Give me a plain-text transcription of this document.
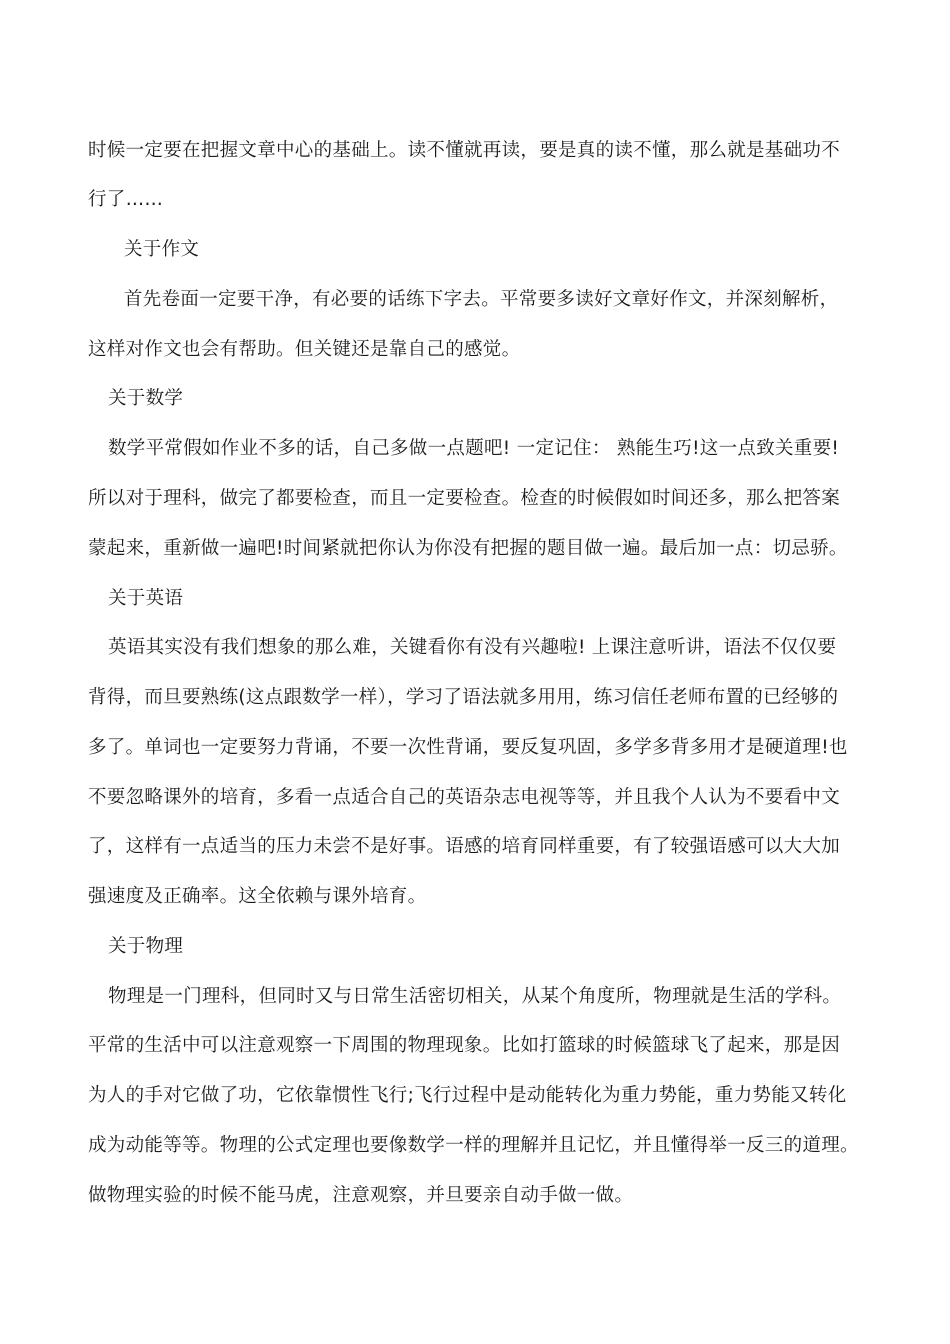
时候一定要在把握文章中心的基础上。读不懂就再读，要是真的读不懂，那么就是基础功不
行了……
关于作文
首先卷面一定要干净，有必要的话练下字去。平常要多读好文章好作文，并深刻解析，
这样对作文也会有帮助。但关键还是靠自己的感觉。
关于数学
数学平常假如作业不多的话，自己多做一点题吧! 一定记住： 熟能生巧!这一点致关重要!
所以对于理科，做完了都要检查，而且一定要检查。检查的时候假如时间还多，那么把答案
蒙起来，重新做一遍吧!时间紧就把你认为你没有把握的题目做一遍。最后加一点：切忌骄。
关于英语
英语其实没有我们想象的那么难，关键看你有没有兴趣啦! 上课注意听讲，语法不仅仅要
背得，而旦要熟练(这点跟数学一样），学习了语法就多用用，练习信任老师布置的已经够的
多了。单词也一定要努力背诵，不要一次性背诵，要反复巩固，多学多背多用才是硬道理!也
不要忽略课外的培育，多看一点适合自己的英语杂志电视等等，并且我个人认为不要看中文
了，这样有一点适当的压力未尝不是好事。语感的培育同样重要，有了较强语感可以大大加
强速度及正确率。这全依赖与课外培育。
关于物理
物理是一门理科，但同时又与日常生活密切相关，从某个角度所，物理就是生活的学科。
平常的生活中可以注意观察一下周围的物理现象。比如打篮球的时候篮球飞了起来，那是因
为人的手对它做了功，它依靠惯性飞行;飞行过程中是动能转化为重力势能，重力势能又转化
成为动能等等。物理的公式定理也要像数学一样的理解并且记忆，并且懂得举一反三的道理。
做物理实验的时候不能马虎，注意观察，并旦要亲自动手做一做。
